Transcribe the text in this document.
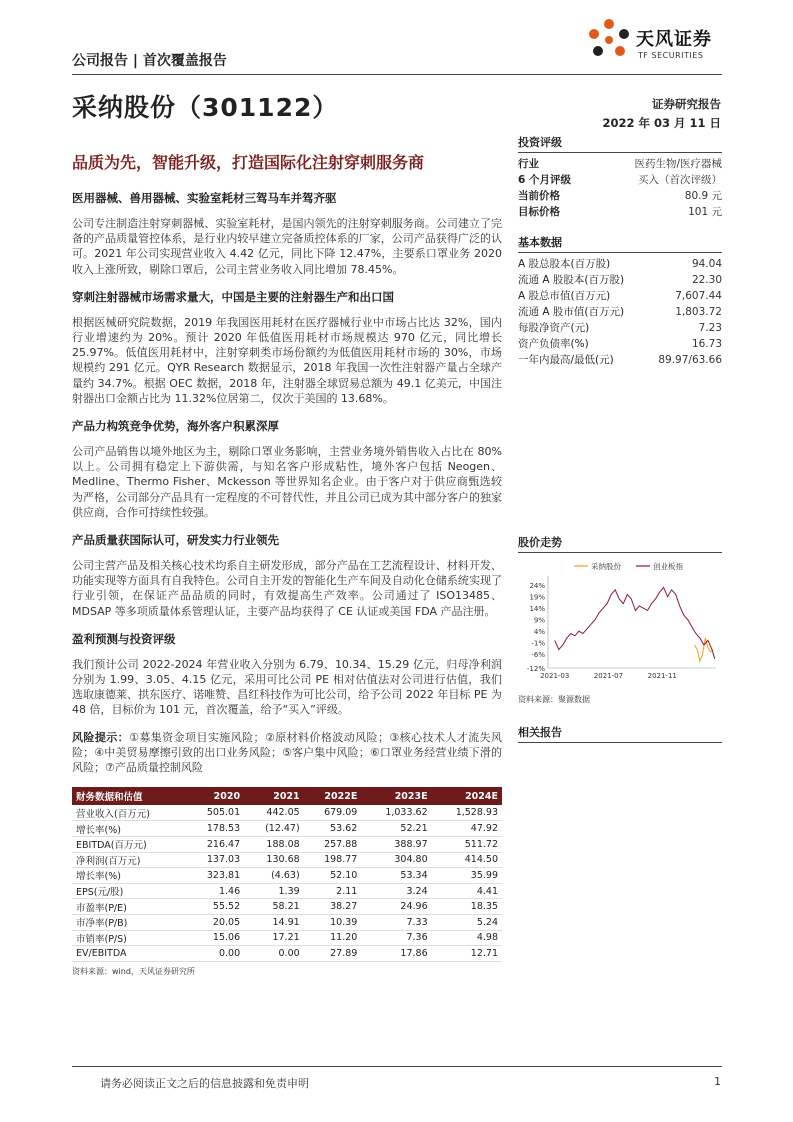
公司报告 | 首次覆盖报告
天风证券
TF SECURITIES
采纳股份（301122）	证券研究报告
2022 年 03 月 11 日
品质为先，智能升级，打造国际化注射穿刺服务商
医用器械、兽用器械、实验室耗材三驾马车并驾齐驱
公司专注制造注射穿刺器械、实验室耗材，是国内领先的注射穿刺服务商。公司建立了完备的产品质量管控体系，是行业内较早建立完备质控体系的厂家，公司产品获得广泛的认可。2021 年公司实现营业收入 4.42 亿元，同比下降 12.47%，主要系口罩业务 2020 收入上涨所致，剔除口罩后，公司主营业务收入同比增加 78.45%。
穿刺注射器械市场需求量大，中国是主要的注射器生产和出口国
根据医械研究院数据，2019 年我国医用耗材在医疗器械行业中市场占比达 32%，国内行业增速约为 20%。预计 2020 年低值医用耗材市场规模达 970 亿元，同比增长 25.97%。低值医用耗材中，注射穿刺类市场份额约为低值医用耗材市场的 30%，市场规模约 291 亿元。QYR Research 数据显示，2018 年我国一次性注射器产量占全球产量约 34.7%。根据 OEC 数据，2018 年，注射器全球贸易总额为 49.1 亿美元，中国注射器出口金额占比为 11.32%位居第二，仅次于美国的 13.68%。
产品力构筑竞争优势，海外客户积累深厚
公司产品销售以境外地区为主，剔除口罩业务影响，主营业务境外销售收入占比在 80%以上。公司拥有稳定上下游供需，与知名客户形成粘性，境外客户包括 Neogen、Medline、Thermo Fisher、Mckesson 等世界知名企业。由于客户对于供应商甄选较为严格，公司部分产品具有一定程度的不可替代性，并且公司已成为其中部分客户的独家供应商，合作可持续性较强。
产品质量获国际认可，研发实力行业领先
公司主营产品及相关核心技术均系自主研发形成，部分产品在工艺流程设计、材料开发、功能实现等方面具有自我特色。公司自主开发的智能化生产车间及自动化仓储系统实现了行业引领，在保证产品品质的同时，有效提高生产效率。公司通过了 ISO13485、MDSAP 等多项质量体系管理认证，主要产品均获得了 CE 认证或美国 FDA 产品注册。
盈利预测与投资评级
我们预计公司 2022-2024 年营业收入分别为 6.79、10.34、15.29 亿元，归母净利润分别为 1.99、3.05、4.15 亿元，采用可比公司 PE 相对估值法对公司进行估值，我们选取康德莱、拱东医疗、诺唯赞、昌红科技作为可比公司，给予公司 2022 年目标 PE 为 48 倍，目标价为 101 元，首次覆盖，给予“买入”评级。
风险提示：①募集资金项目实施风险；②原材料价格波动风险；③核心技术人才流失风险；④中美贸易摩擦引致的出口业务风险；⑤客户集中风险；⑥口罩业务经营业绩下滑的风险；⑦产品质量控制风险
财务数据和估值	2020	2021	2022E	2023E	2024E
营业收入(百万元)	505.01	442.05	679.09	1,033.62	1,528.93
增长率(%)	178.53	(12.47)	53.62	52.21	47.92
EBITDA(百万元)	216.47	188.08	257.88	388.97	511.72
净利润(百万元)	137.03	130.68	198.77	304.80	414.50
增长率(%)	323.81	(4.63)	52.10	53.34	35.99
EPS(元/股)	1.46	1.39	2.11	3.24	4.41
市盈率(P/E)	55.52	58.21	38.27	24.96	18.35
市净率(P/B)	20.05	14.91	10.39	7.33	5.24
市销率(P/S)	15.06	17.21	11.20	7.36	4.98
EV/EBITDA	0.00	0.00	27.89	17.86	12.71
资料来源：wind，天风证券研究所
投资评级
行业	医药生物/医疗器械
6 个月评级	买入（首次评级）
当前价格	80.9 元
目标价格	101 元
基本数据
A 股总股本(百万股)	94.04
流通 A 股股本(百万股)	22.30
A 股总市值(百万元)	7,607.44
流通 A 股市值(百万元)	1,803.72
每股净资产(元)	7.23
资产负债率(%)	16.73
一年内最高/最低(元)	89.97/63.66
股价走势
24%
19%
14%
9%
4%
-1%
-6%
-12%
2021-03	2021-07	2021-11
采纳股份	创业板指
资料来源：聚源数据
相关报告
请务必阅读正文之后的信息披露和免责申明	1
